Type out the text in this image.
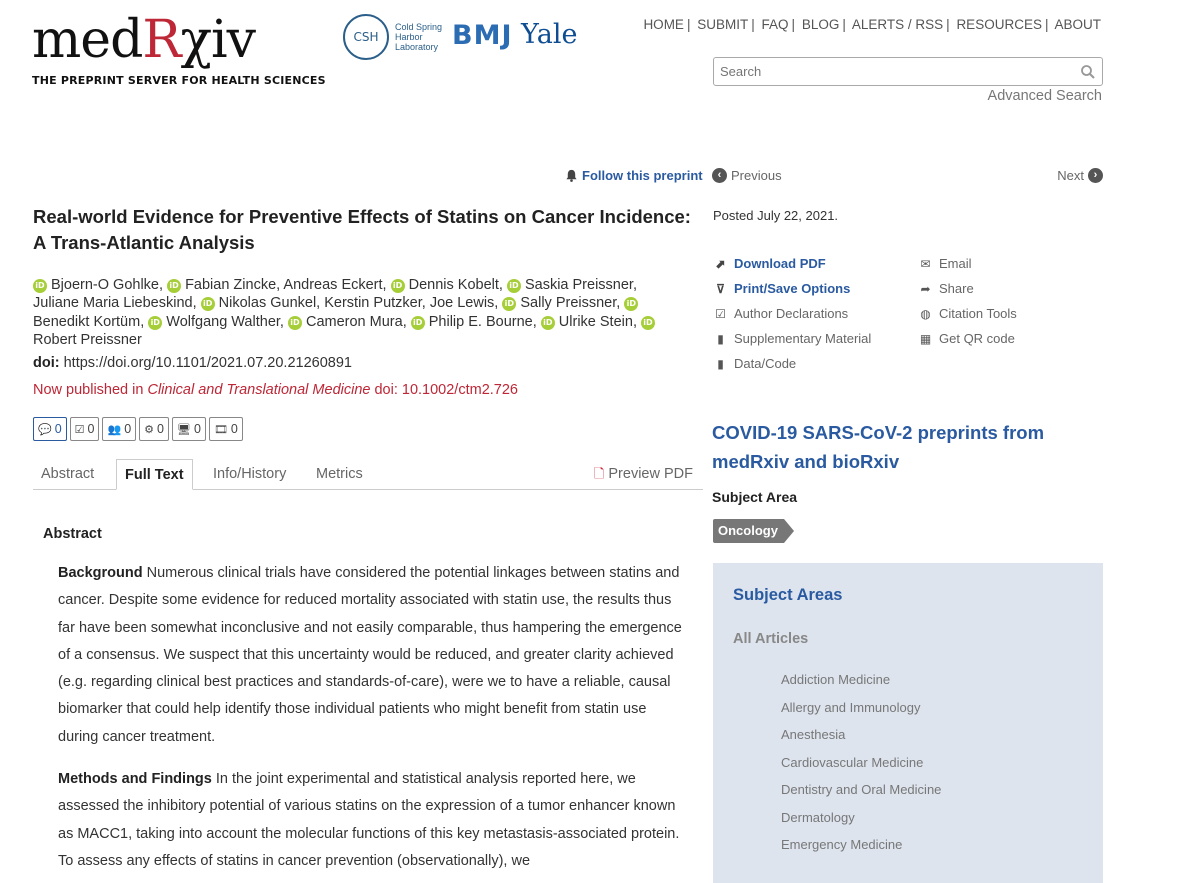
medRχiv
THE PREPRINT SERVER FOR HEALTH SCIENCES
CSH
Cold Spring Harbor Laboratory BMJ Yale	HOME | SUBMIT | FAQ | BLOG | ALERTS / RSS | RESOURCES | ABOUT
Search
Advanced Search
Follow this preprint	‹ Previous	Next ›
Real-world Evidence for Preventive Effects of Statins on Cancer Incidence: A Trans-Atlantic Analysis
iD Bjoern-O Gohlke, iD Fabian Zincke, Andreas Eckert, iD Dennis Kobelt, iD Saskia Preissner, Juliane Maria Liebeskind, iD Nikolas Gunkel, Kerstin Putzker, Joe Lewis, iD Sally Preissner, iDBenedikt Kortüm, iD Wolfgang Walther, iD Cameron Mura, iD Philip E. Bourne, iD Ulrike Stein, iDRobert Preissner
doi: https://doi.org/10.1101/2021.07.20.21260891
Now published in Clinical and Translational Medicine doi: 10.1002/ctm2.726
💬 0 ☑ 0 👥 0 ⚙ 0 🖥 0 🎞 0
Abstract	Full Text	Info/History	Metrics	🗋 Preview PDF
Abstract

Background Numerous clinical trials have considered the potential linkages between statins and cancer. Despite some evidence for reduced mortality associated with statin use, the results thus far have been somewhat inconclusive and not easily comparable, thus hampering the emergence of a consensus. We suspect that this uncertainty would be reduced, and greater clarity achieved (e.g. regarding clinical best practices and standards-of-care), were we to have a reliable, causal biomarker that could help identify those individual patients who might benefit from statin use during cancer treatment.

Methods and Findings In the joint experimental and statistical analysis reported here, we assessed the inhibitory potential of various statins on the expression of a tumor enhancer known as MACC1, taking into account the molecular functions of this key metastasis-associated protein. To assess any effects of statins in cancer prevention (observationally), we

Posted July 22, 2021.
⬈ Download PDF
⊽ Print/Save Options
☑ Author Declarations
▮ Supplementary Material
▮ Data/Code
✉ Email
➦ Share
◍ Citation Tools
▦ Get QR code
COVID-19 SARS-CoV-2 preprints from medRxiv and bioRxiv
Subject Area
Oncology
Subject Areas
All Articles
Addiction Medicine
Allergy and Immunology
Anesthesia
Cardiovascular Medicine
Dentistry and Oral Medicine
Dermatology
Emergency Medicine
